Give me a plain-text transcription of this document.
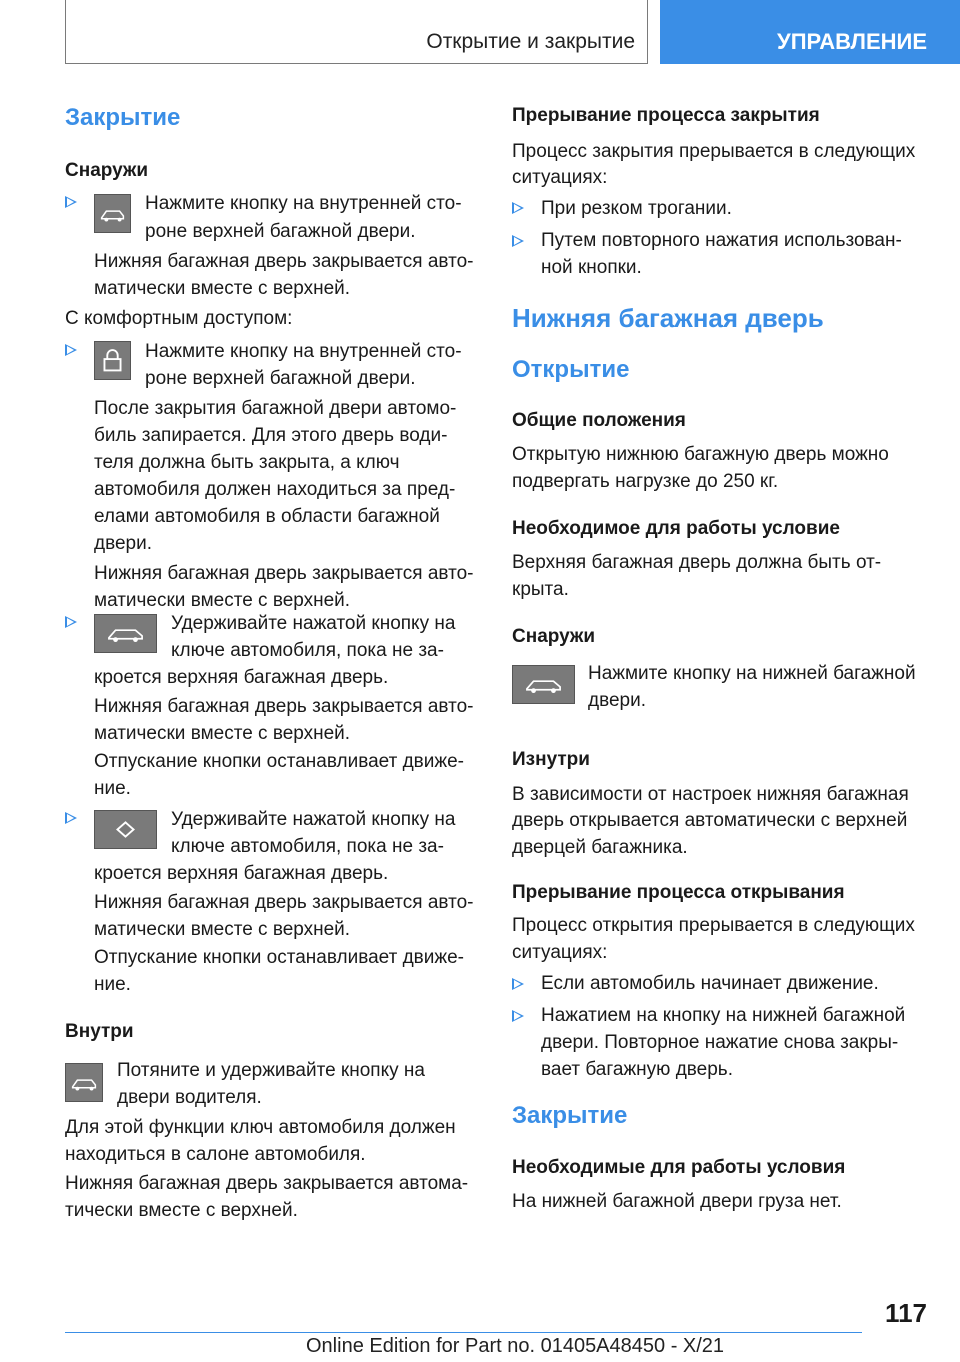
Открытие и закрытие	УПРАВЛЕНИЕ
Закрытие
Снаружи
Нажмите кнопку на внутренней сто-
роне верхней багажной двери.
Нижняя багажная дверь закрывается авто-
матически вместе с верхней.
С комфортным доступом:
Нажмите кнопку на внутренней сто-
роне верхней багажной двери.
После закрытия багажной двери автомо-
биль запирается. Для этого дверь води-
теля должна быть закрыта, а ключ
автомобиля должен находиться за пред-
елами автомобиля в области багажной
двери.
Нижняя багажная дверь закрывается авто-
матически вместе с верхней.
Удерживайте нажатой кнопку на
ключе автомобиля, пока не за-
кроется верхняя багажная дверь.
Нижняя багажная дверь закрывается авто-
матически вместе с верхней.
Отпускание кнопки останавливает движе-
ние.
Удерживайте нажатой кнопку на
ключе автомобиля, пока не за-
кроется верхняя багажная дверь.
Нижняя багажная дверь закрывается авто-
матически вместе с верхней.
Отпускание кнопки останавливает движе-
ние.
Внутри
Потяните и удерживайте кнопку на
двери водителя.
Для этой функции ключ автомобиля должен
находиться в салоне автомобиля.
Нижняя багажная дверь закрывается автома-
тически вместе с верхней.
Прерывание процесса закрытия
Процесс закрытия прерывается в следующих
ситуациях:
При резком трогании.
Путем повторного нажатия использован-
ной кнопки.
Нижняя багажная дверь
Открытие
Общие положения
Открытую нижнюю багажную дверь можно
подвергать нагрузке до 250 кг.
Необходимое для работы условие
Верхняя багажная дверь должна быть от-
крыта.
Снаружи
Нажмите кнопку на нижней багажной
двери.
Изнутри
В зависимости от настроек нижняя багажная
дверь открывается автоматически с верхней
дверцей багажника.
Прерывание процесса открывания
Процесс открытия прерывается в следующих
ситуациях:
Если автомобиль начинает движение.
Нажатием на кнопку на нижней багажной
двери. Повторное нажатие снова закры-
вает багажную дверь.
Закрытие
Необходимые для работы условия
На нижней багажной двери груза нет.
117
Online Edition for Part no. 01405A48450 - X/21
